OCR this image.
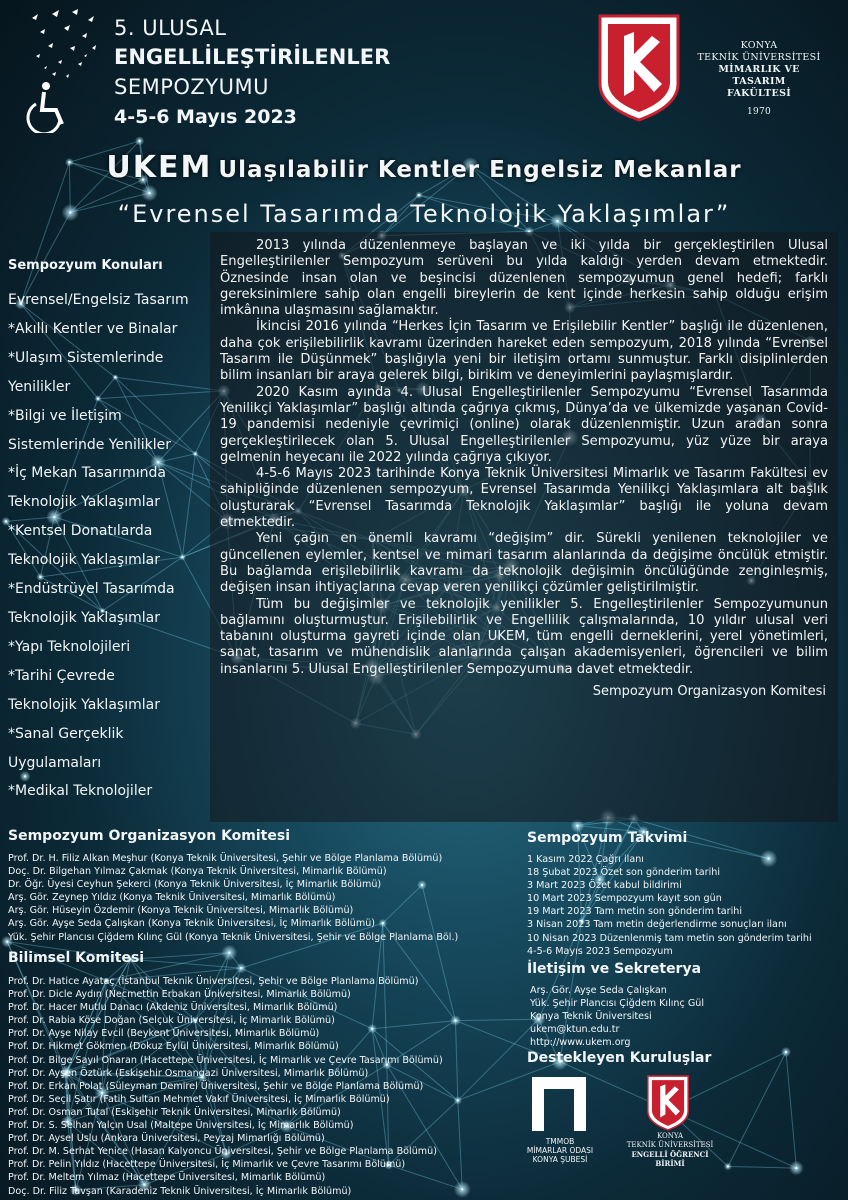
5. ULUSAL
ENGELLİLEŞTİRİLENLER
SEMPOZYUMU
4-5-6 Mayıs 2023
KONYA
TEKNİK ÜNİVERSİTESİ
MİMARLIK VE TASARIM
FAKÜLTESİ
1970
UKEM Ulaşılabilir Kentler Engelsiz Mekanlar
“Evrensel Tasarımda Teknolojik Yaklaşımlar”
Sempozyum Konuları
Evrensel/Engelsiz Tasarım
*Akıllı Kentler ve Binalar
*Ulaşım Sistemlerinde
Yenilikler
*Bilgi ve İletişim
Sistemlerinde Yenilikler
*İç Mekan Tasarımında
Teknolojik Yaklaşımlar
*Kentsel Donatılarda
Teknolojik Yaklaşımlar
*Endüstrüyel Tasarımda
Teknolojik Yaklaşımlar
*Yapı Teknolojileri
*Tarihi Çevrede
Teknolojik Yaklaşımlar
*Sanal Gerçeklik
Uygulamaları
*Medikal Teknolojiler

2013 yılında düzenlenmeye başlayan ve iki yılda bir gerçekleştirilen Ulusal Engelleştirilenler Sempozyum serüveni bu yılda kaldığı yerden devam etmektedir. Öznesinde insan olan ve beşincisi düzenlenen sempozyumun genel hedefi; farklı gereksinimlere sahip olan engelli bireylerin de kent içinde herkesin sahip olduğu erişim imkânına ulaşmasını sağlamaktır.

İkincisi 2016 yılında “Herkes İçin Tasarım ve Erişilebilir Kentler” başlığı ile düzenlenen, daha çok erişilebilirlik kavramı üzerinden hareket eden sempozyum, 2018 yılında “Evrensel Tasarım ile Düşünmek” başlığıyla yeni bir iletişim ortamı sunmuştur. Farklı disiplinlerden bilim insanları bir araya gelerek bilgi, birikim ve deneyimlerini paylaşmışlardır.

2020 Kasım ayında 4. Ulusal Engelleştirilenler Sempozyumu “Evrensel Tasarımda Yenilikçi Yaklaşımlar” başlığı altında çağrıya çıkmış, Dünya’da ve ülkemizde yaşanan Covid-19 pandemisi nedeniyle çevrimiçi (online) olarak düzenlenmiştir. Uzun aradan sonra gerçekleştirilecek olan 5. Ulusal Engelleştirilenler Sempozyumu, yüz yüze bir araya gelmenin heyecanı ile 2022 yılında çağrıya çıkıyor.

4-5-6 Mayıs 2023 tarihinde Konya Teknik Üniversitesi Mimarlık ve Tasarım Fakültesi ev sahipliğinde düzenlenen sempozyum, Evrensel Tasarımda Yenilikçi Yaklaşımlara alt başlık oluşturarak “Evrensel Tasarımda Teknolojik Yaklaşımlar” başlığı ile yoluna devam etmektedir.

Yeni çağın en önemli kavramı “değişim” dir. Sürekli yenilenen teknolojiler ve güncellenen eylemler, kentsel ve mimari tasarım alanlarında da değişime öncülük etmiştir. Bu bağlamda erişilebilirlik kavramı da teknolojik değişimin öncülüğünde zenginleşmiş, değişen insan ihtiyaçlarına cevap veren yenilikçi çözümler geliştirilmiştir.

Tüm bu değişimler ve teknolojik yenilikler 5. Engelleştirilenler Sempozyumunun bağlamını oluşturmuştur. Erişilebilirlik ve Engellilik çalışmalarında, 10 yıldır ulusal veri tabanını oluşturma gayreti içinde olan UKEM, tüm engelli derneklerini, yerel yönetimleri, sanat, tasarım ve mühendislik alanlarında çalışan akademisyenleri, öğrencileri ve bilim insanlarını 5. Ulusal Engelleştirilenler Sempozyumuna davet etmektedir.

Sempozyum Organizasyon Komitesi
Sempozyum Organizasyon Komitesi
Prof. Dr. H. Filiz Alkan Meşhur (Konya Teknik Üniversitesi, Şehir ve Bölge Planlama Bölümü)
Doç. Dr. Bilgehan Yılmaz Çakmak (Konya Teknik Üniversitesi, Mimarlık Bölümü)
Dr. Öğr. Üyesi Ceyhun Şekerci (Konya Teknik Üniversitesi, İç Mimarlık Bölümü)
Arş. Gör. Zeynep Yıldız (Konya Teknik Üniversitesi, Mimarlık Bölümü)
Arş. Gör. Hüseyin Özdemir (Konya Teknik Üniversitesi, Mimarlık Bölümü)
Arş. Gör. Ayşe Seda Çalışkan (Konya Teknik Üniversitesi, İç Mimarlık Bölümü)
Yük. Şehir Plancısı Çiğdem Kılınç Gül (Konya Teknik Üniversitesi, Şehir ve Bölge Planlama Böl.)
Bilimsel Komitesi
Prof. Dr. Hatice Ayataç (İstanbul Teknik Üniversitesi, Şehir ve Bölge Planlama Bölümü)
Prof. Dr. Dicle Aydın (Necmettin Erbakan Üniversitesi, Mimarlık Bölümü)
Prof. Dr. Hacer Mutlu Danacı (Akdeniz Üniversitesi, Mimarlık Bölümü)
Prof. Dr. Rabia Köse Doğan (Selçuk Üniversitesi, İç Mimarlık Bölümü)
Prof. Dr. Ayşe Nilay Evcil (Beykent Üniversitesi, Mimarlık Bölümü)
Prof. Dr. Hikmet Gökmen (Dokuz Eylül Üniversitesi, Mimarlık Bölümü)
Prof. Dr. Bilge Sayıl Onaran (Hacettepe Üniversitesi, İç Mimarlık ve Çevre Tasarımı Bölümü)
Prof. Dr. Ayşen Öztürk (Eskişehir Osmangazi Üniversitesi, Mimarlık Bölümü)
Prof. Dr. Erkan Polat (Süleyman Demirel Üniversitesi, Şehir ve Bölge Planlama Bölümü)
Prof. Dr. Seçil Şatır (Fatih Sultan Mehmet Vakıf Üniversitesi, İç Mimarlık Bölümü)
Prof. Dr. Osman Tutal (Eskişehir Teknik Üniversitesi, Mimarlık Bölümü)
Prof. Dr. S. Selhan Yalçın Usal (Maltepe Üniversitesi, İç Mimarlık Bölümü)
Prof. Dr. Aysel Uslu (Ankara Üniversitesi, Peyzaj Mimarlığı Bölümü)
Prof. Dr. M. Serhat Yenice (Hasan Kalyoncu Üniversitesi, Şehir ve Bölge Planlama Bölümü)
Prof. Dr. Pelin Yıldız (Hacettepe Üniversitesi, İç Mimarlık ve Çevre Tasarımı Bölümü)
Prof. Dr. Meltem Yılmaz (Hacettepe Üniversitesi, Mimarlık Bölümü)
Doç. Dr. Filiz Tavşan (Karadeniz Teknik Üniversitesi, İç Mimarlık Bölümü)
Sempozyum Takvimi
1 Kasım 2022 Çağrı ilanı
18 Şubat 2023 Özet son gönderim tarihi
3 Mart 2023 Özet kabul bildirimi
10 Mart 2023 Sempozyum kayıt son gün
19 Mart 2023 Tam metin son gönderim tarihi
3 Nisan 2023 Tam metin değerlendirme sonuçları ilanı
10 Nisan 2023 Düzenlenmiş tam metin son gönderim tarihi
4-5-6 Mayıs 2023 Sempozyum
İletişim ve Sekreterya
Arş. Gör. Ayşe Seda Çalışkan
Yük. Şehir Plancısı Çiğdem Kılınç Gül
Konya Teknik Üniversitesi
ukem@ktun.edu.tr
http://www.ukem.org
Destekleyen Kuruluşlar
TMMOB
MİMARLAR ODASI
KONYA ŞUBESİ
KONYA
TEKNİK ÜNİVERSİTESİ
ENGELLİ ÖĞRENCİ BİRİMİ
